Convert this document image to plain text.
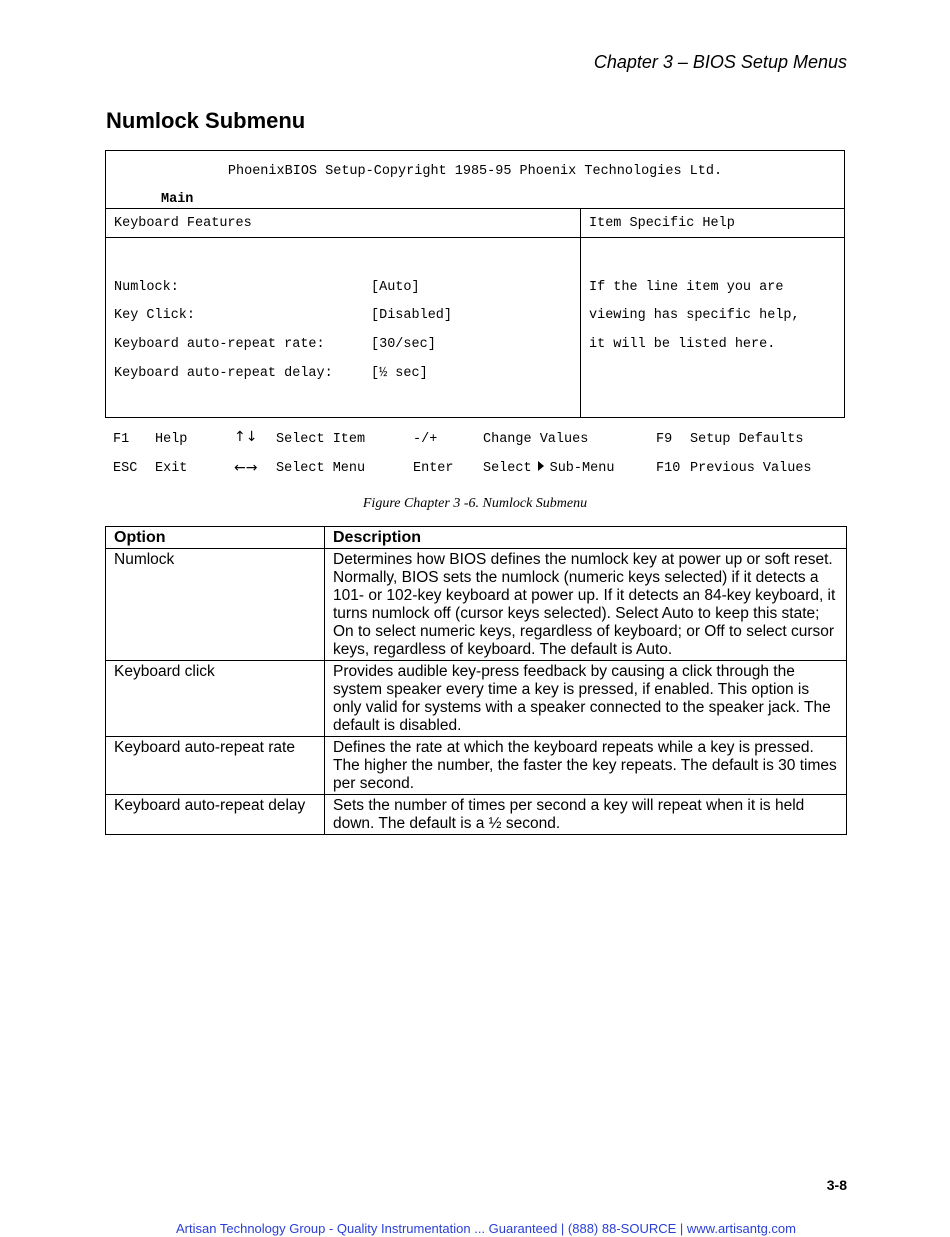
Chapter 3 – BIOS Setup Menus
Numlock Submenu
PhoenixBIOS Setup-Copyright 1985-95 Phoenix Technologies Ltd.
Main
Keyboard Features	Item Specific Help
Numlock:	[Auto]
Key Click:	[Disabled]
Keyboard auto-repeat rate:	[30/sec]
Keyboard auto-repeat delay:	[½ sec]
If the line item you are
viewing has specific help,
it will be listed here.
F1 Help	↑↓ Select Item	-/+	Change Values	F9 Setup Defaults
ESC Exit	←→ Select Menu	Enter Select Sub-Menu	F10 Previous Values
Figure Chapter 3 -6. Numlock Submenu
Option	Description
Numlock	Determines how BIOS defines the numlock key at power up or soft reset. Normally, BIOS sets the numlock (numeric keys selected) if it detects a 101- or 102-key keyboard at power up. If it detects an 84-key keyboard, it turns numlock off (cursor keys selected). Select Auto to keep this state; On to select numeric keys, regardless of keyboard; or Off to select cursor keys, regardless of keyboard. The default is Auto.
Keyboard click	Provides audible key-press feedback by causing a click through the system speaker every time a key is pressed, if enabled. This option is only valid for systems with a speaker connected to the speaker jack. The default is disabled.
Keyboard auto-repeat rate	Defines the rate at which the keyboard repeats while a key is pressed. The higher the number, the faster the key repeats. The default is 30 times per second.
Keyboard auto-repeat delay	Sets the number of times per second a key will repeat when it is held down. The default is a ½ second.
3-8
Artisan Technology Group - Quality Instrumentation ... Guaranteed | (888) 88-SOURCE | www.artisantg.com
